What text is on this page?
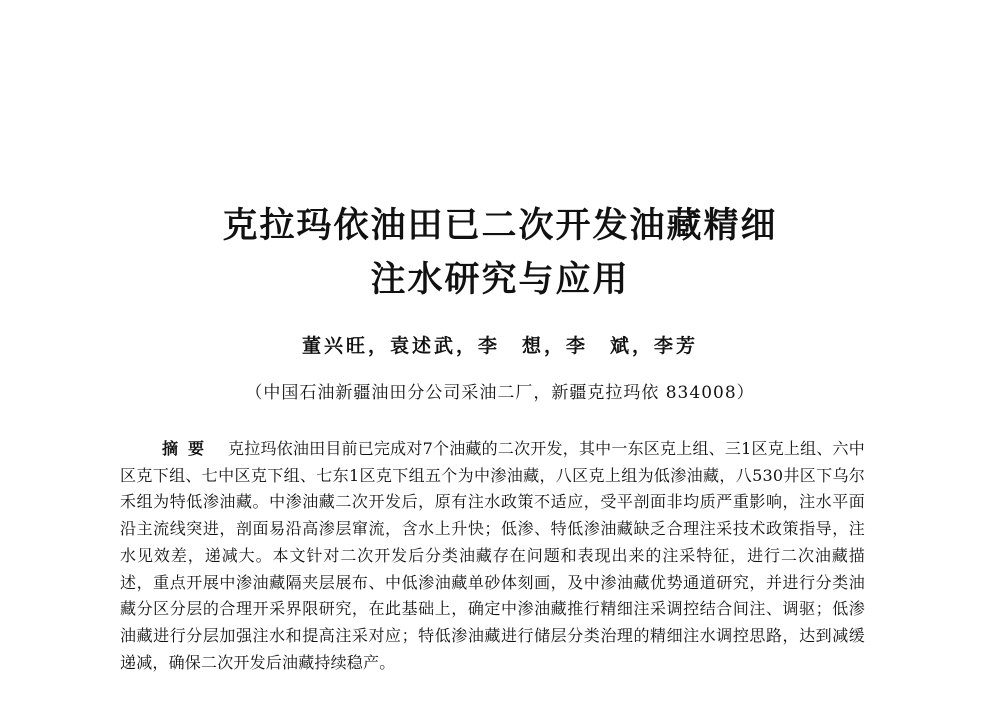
克拉玛依油田已二次开发油藏精细
注水研究与应用

董兴旺，袁述武，李　想，李　斌，李芳

（中国石油新疆油田分公司采油二厂，新疆克拉玛依 834008）

摘要 克拉玛依油田目前已完成对7个油藏的二次开发，其中一东区克上组、三1区克上组、六中区克下组、七中区克下组、七东1区克下组五个为中渗油藏，八区克上组为低渗油藏，八530井区下乌尔禾组为特低渗油藏。中渗油藏二次开发后，原有注水政策不适应，受平剖面非均质严重影响，注水平面沿主流线突进，剖面易沿高渗层窜流，含水上升快；低渗、特低渗油藏缺乏合理注采技术政策指导，注水见效差，递减大。本文针对二次开发后分类油藏存在问题和表现出来的注采特征，进行二次油藏描述，重点开展中渗油藏隔夹层展布、中低渗油藏单砂体刻画，及中渗油藏优势通道研究，并进行分类油藏分区分层的合理开采界限研究，在此基础上，确定中渗油藏推行精细注采调控结合间注、调驱；低渗油藏进行分层加强注水和提高注采对应；特低渗油藏进行储层分类治理的精细注水调控思路，达到减缓递减，确保二次开发后油藏持续稳产。
